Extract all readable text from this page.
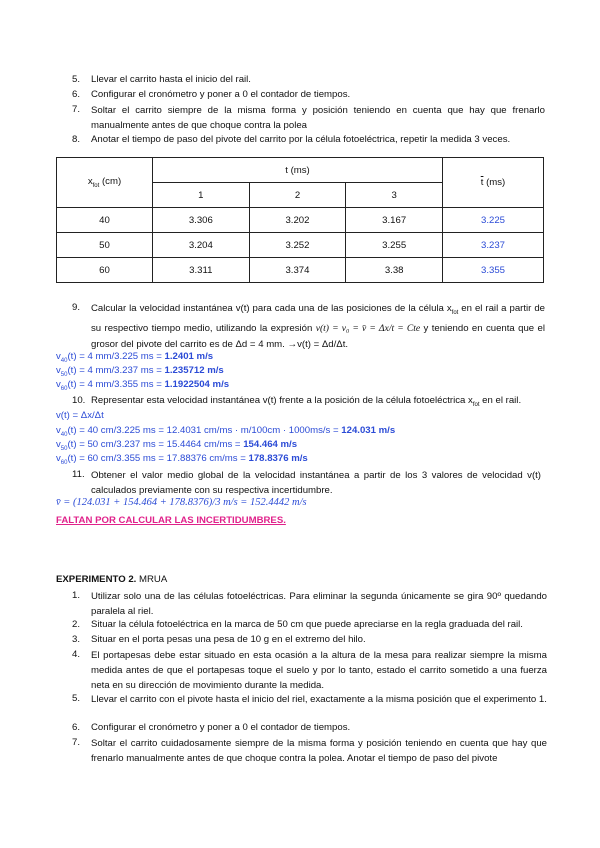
5.	Llevar el carrito hasta el inicio del rail.
6.	Configurar el cronómetro y poner a 0 el contador de tiempos.
7.	Soltar el carrito siempre de la misma forma y posición teniendo en cuenta que hay que frenarlo manualmente antes de que choque contra la polea
8.	Anotar el tiempo de paso del pivote del carrito por la célula fotoeléctrica, repetir la medida 3 veces.
$x_{fot}$ (cm)	t (ms)			$\overline{t}$ (ms)
	1	2	3	
40	3.306	3.202	3.167	3.225
50	3.204	3.252	3.255	3.237
60	3.311	3.374	3.38	3.355
9.	Calcular la velocidad instantánea v(t) para cada una de las posiciones de la célula $x_{fot}$ en el rail a partir de su respectivo tiempo medio, utilizando la expresión v(t) = v₀ = v̄ = Δx/t = Cte y teniendo en cuenta que el grosor del pivote del carrito es de Δd = 4 mm. →v(t) = Δd/Δt.
$v_{40}(t) = 4$ mm/3.225 ms = 1.2401 m/s
$v_{50}(t) = 4$ mm/3.237 ms = 1.235712 m/s
$v_{60}(t) = 4$ mm/3.355 ms = 1.1922504 m/s
10. Representar esta velocidad instantánea v(t) frente a la posición de la célula fotoeléctrica $x_{fot}$ en el rail.
v(t) = Δx/Δt
$v_{40}(t) = 40$ cm/3.225 ms = 12.4031 cm/ms · m/100cm · 1000ms/s = 124.031 m/s
$v_{50}(t) = 50$ cm/3.237 ms = 15.4464 cm/ms = 154.464 m/s
$v_{60}(t) = 60$ cm/3.355 ms = 17.88376 cm/ms = 178.8376 m/s
11. Obtener el valor medio global de la velocidad instantánea a partir de los 3 valores de velocidad v(t) calculados previamente con su respectiva incertidumbre.
v̄ = (124.031 + 154.464 + 178.8376)/3 m/s = 152.4442 m/s
FALTAN POR CALCULAR LAS INCERTIDUMBRES.
EXPERIMENTO 2. MRUA
1.	Utilizar solo una de las células fotoeléctricas. Para eliminar la segunda únicamente se gira 90º quedando paralela al riel.
2.	Situar la célula fotoeléctrica en la marca de 50 cm que puede apreciarse en la regla graduada del rail.
3.	Situar en el porta pesas una pesa de 10 g en el extremo del hilo.
4.	El portapesas debe estar situado en esta ocasión a la altura de la mesa para realizar siempre la misma medida antes de que el portapesas toque el suelo y por lo tanto, estado el carrito sometido a una fuerza neta en su dirección de movimiento durante la medida.
5.	Llevar el carrito con el pivote hasta el inicio del riel, exactamente a la misma posición que el experimento 1.
6.	Configurar el cronómetro y poner a 0 el contador de tiempos.
7.	Soltar el carrito cuidadosamente siempre de la misma forma y posición teniendo en cuenta que hay que frenarlo manualmente antes de que choque contra la polea. Anotar el tiempo de paso del pivote
